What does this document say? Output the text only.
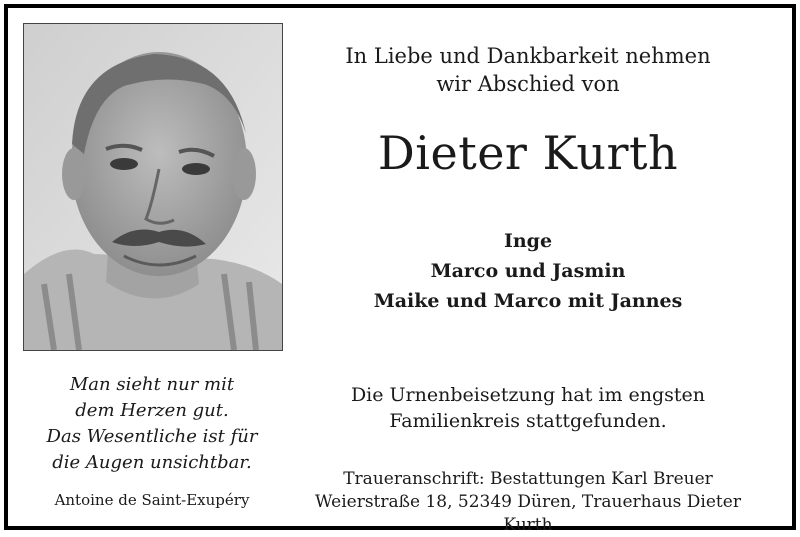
In Liebe und Dankbarkeit nehmen
wir Abschied von
Dieter Kurth
Inge
Marco und Jasmin
Maike und Marco mit Jannes
Man sieht nur mit
dem Herzen gut.
Das Wesentliche ist für
die Augen unsichtbar.
Antoine de Saint-Exupéry
Die Urnenbeisetzung hat im engsten
Familienkreis stattgefunden.
Traueranschrift: Bestattungen Karl Breuer
Weierstraße 18, 52349 Düren, Trauerhaus Dieter Kurth
